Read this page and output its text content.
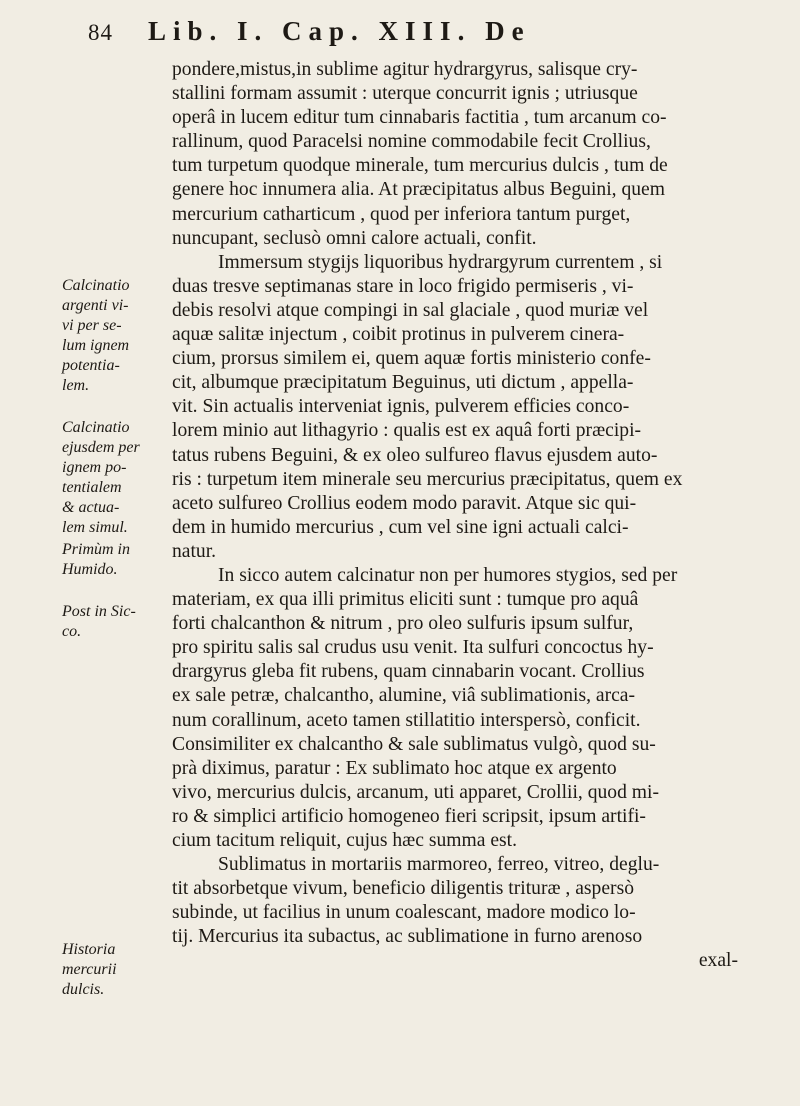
84 Lib. I. Cap. XIII. De
pondere,mistus,in sublime agitur hydrargyrus, salisque cry-
stallini formam assumit : uterque concurrit ignis ; utriusque
operâ in lucem editur tum cinnabaris factitia , tum arcanum co-
rallinum, quod Paracelsi nomine commodabile fecit Crollius,
tum turpetum quodque minerale, tum mercurius dulcis , tum de
genere hoc innumera alia. At præcipitatus albus Beguini, quem
mercurium catharticum , quod per inferiora tantum purget,
nuncupant, seclusò omni calore actuali, confit.
Immersum stygijs liquoribus hydrargyrum currentem , si
duas tresve septimanas stare in loco frigido permiseris , vi-
debis resolvi atque compingi in sal glaciale , quod muriæ vel
aquæ salitæ injectum , coibit protinus in pulverem cinera-
cium, prorsus similem ei, quem aquæ fortis ministerio confe-
cit, albumque præcipitatum Beguinus, uti dictum , appella-
vit. Sin actualis interveniat ignis, pulverem efficies conco-
lorem minio aut lithagyrio : qualis est ex aquâ forti præcipi-
tatus rubens Beguini, & ex oleo sulfureo flavus ejusdem auto-
ris : turpetum item minerale seu mercurius præcipitatus, quem ex
aceto sulfureo Crollius eodem modo paravit. Atque sic qui-
dem in humido mercurius , cum vel sine igni actuali calci-
natur.
In sicco autem calcinatur non per humores stygios, sed per
materiam, ex qua illi primitus eliciti sunt : tumque pro aquâ
forti chalcanthon & nitrum , pro oleo sulfuris ipsum sulfur,
pro spiritu salis sal crudus usu venit. Ita sulfuri concoctus hy-
drargyrus gleba fit rubens, quam cinnabarin vocant. Crollius
ex sale petræ, chalcantho, alumine, viâ sublimationis, arca-
num corallinum, aceto tamen stillatitio interspersò, conficit.
Consimiliter ex chalcantho & sale sublimatus vulgò, quod su-
prà diximus, paratur : Ex sublimato hoc atque ex argento
vivo, mercurius dulcis, arcanum, uti apparet, Crollii, quod mi-
ro & simplici artificio homogeneo fieri scripsit, ipsum artifi-
cium tacitum reliquit, cujus hæc summa est.
Sublimatus in mortariis marmoreo, ferreo, vitreo, deglu-
tit absorbetque vivum, beneficio diligentis trituræ , aspersò
subinde, ut facilius in unum coalescant, madore modico lo-
tij. Mercurius ita subactus, ac sublimatione in furno arenoso
exal-
Calcinatio
argenti vi-
vi per se-
lum ignem
potentia-
lem.
Calcinatio
ejusdem per
ignem po-
tentialem
& actua-
lem simul.
Primùm in
Humido.
Post in Sic-
co.
Historia
mercurii
dulcis.
